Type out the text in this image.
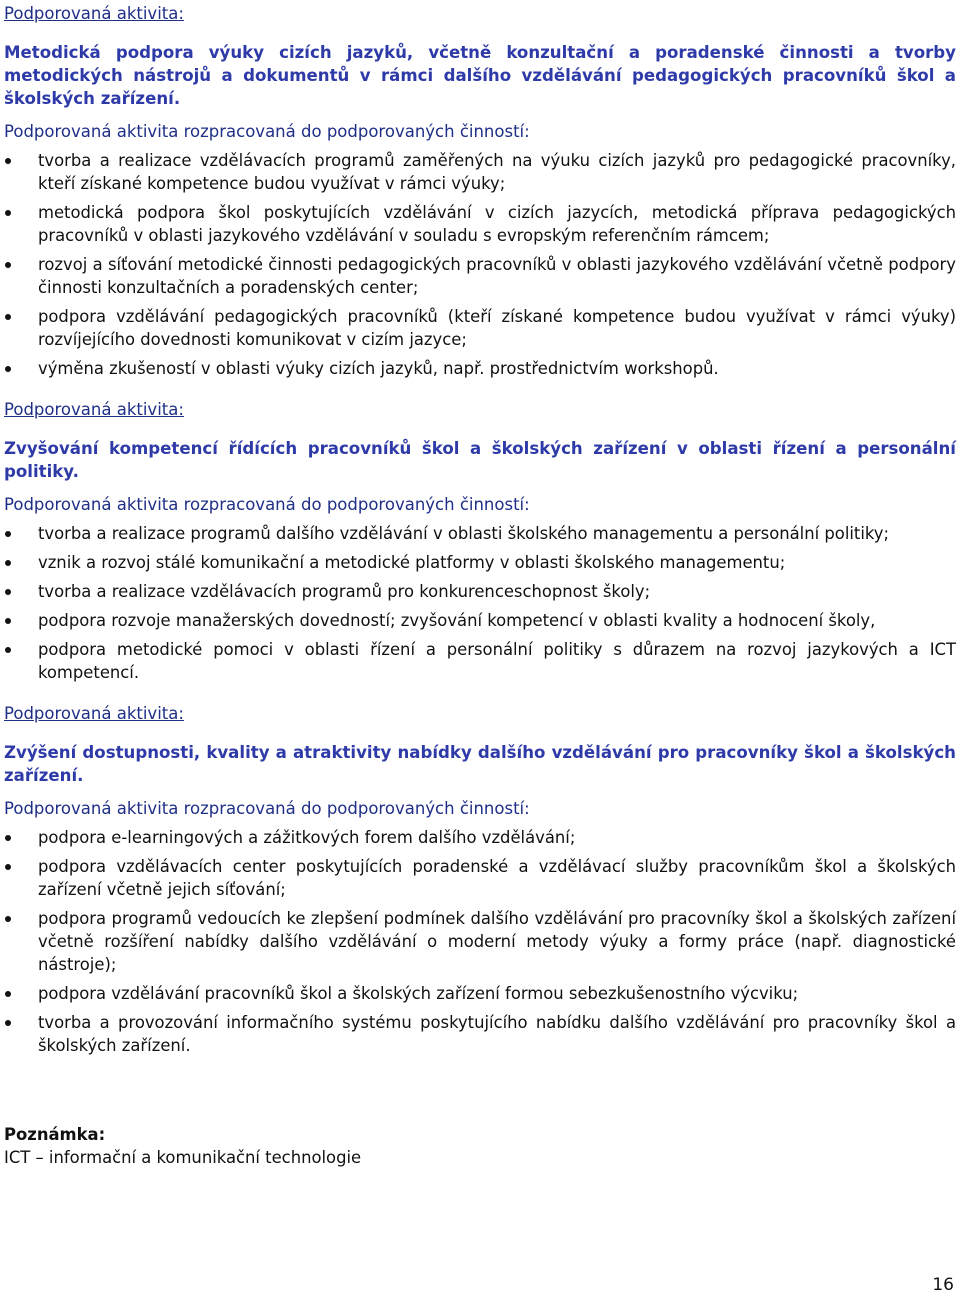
Podporovaná aktivita:
Metodická podpora výuky cizích jazyků, včetně konzultační a poradenské činnosti a tvorby metodických nástrojů a dokumentů v rámci dalšího vzdělávání pedagogických pracovníků škol a školských zařízení.
Podporovaná aktivita rozpracovaná do podporovaných činností:
tvorba a realizace vzdělávacích programů zaměřených na výuku cizích jazyků pro pedagogické pracovníky, kteří získané kompetence budou využívat v rámci výuky;
metodická podpora škol poskytujících vzdělávání v cizích jazycích, metodická příprava pedagogických pracovníků v oblasti jazykového vzdělávání v souladu s evropským referenčním rámcem;
rozvoj a síťování metodické činnosti pedagogických pracovníků v oblasti jazykového vzdělávání včetně podpory činnosti konzultačních a poradenských center;
podpora vzdělávání pedagogických pracovníků (kteří získané kompetence budou využívat v rámci výuky) rozvíjejícího dovednosti komunikovat v cizím jazyce;
výměna zkušeností v oblasti výuky cizích jazyků, např. prostřednictvím workshopů.
Podporovaná aktivita:
Zvyšování kompetencí řídících pracovníků škol a školských zařízení v oblasti řízení a personální politiky.
Podporovaná aktivita rozpracovaná do podporovaných činností:
tvorba a realizace programů dalšího vzdělávání v oblasti školského managementu a personální politiky;
vznik a rozvoj stálé komunikační a metodické platformy v oblasti školského managementu;
tvorba a realizace vzdělávacích programů pro konkurenceschopnost školy;
podpora rozvoje manažerských dovedností; zvyšování kompetencí v oblasti kvality a hodnocení školy,
podpora metodické pomoci v oblasti řízení a personální politiky s důrazem na rozvoj jazykových a ICT kompetencí.
Podporovaná aktivita:
Zvýšení dostupnosti, kvality a atraktivity nabídky dalšího vzdělávání pro pracovníky škol a školských zařízení.
Podporovaná aktivita rozpracovaná do podporovaných činností:
podpora e-learningových a zážitkových forem dalšího vzdělávání;
podpora vzdělávacích center poskytujících poradenské a vzdělávací služby pracovníkům škol a školských zařízení včetně jejich síťování;
podpora programů vedoucích ke zlepšení podmínek dalšího vzdělávání pro pracovníky škol a školských zařízení včetně rozšíření nabídky dalšího vzdělávání o moderní metody výuky a formy práce (např. diagnostické nástroje);
podpora vzdělávání pracovníků škol a školských zařízení formou sebezkušenostního výcviku;
tvorba a provozování informačního systému poskytujícího nabídku dalšího vzdělávání pro pracovníky škol a školských zařízení.
Poznámka:
ICT – informační a komunikační technologie
16
